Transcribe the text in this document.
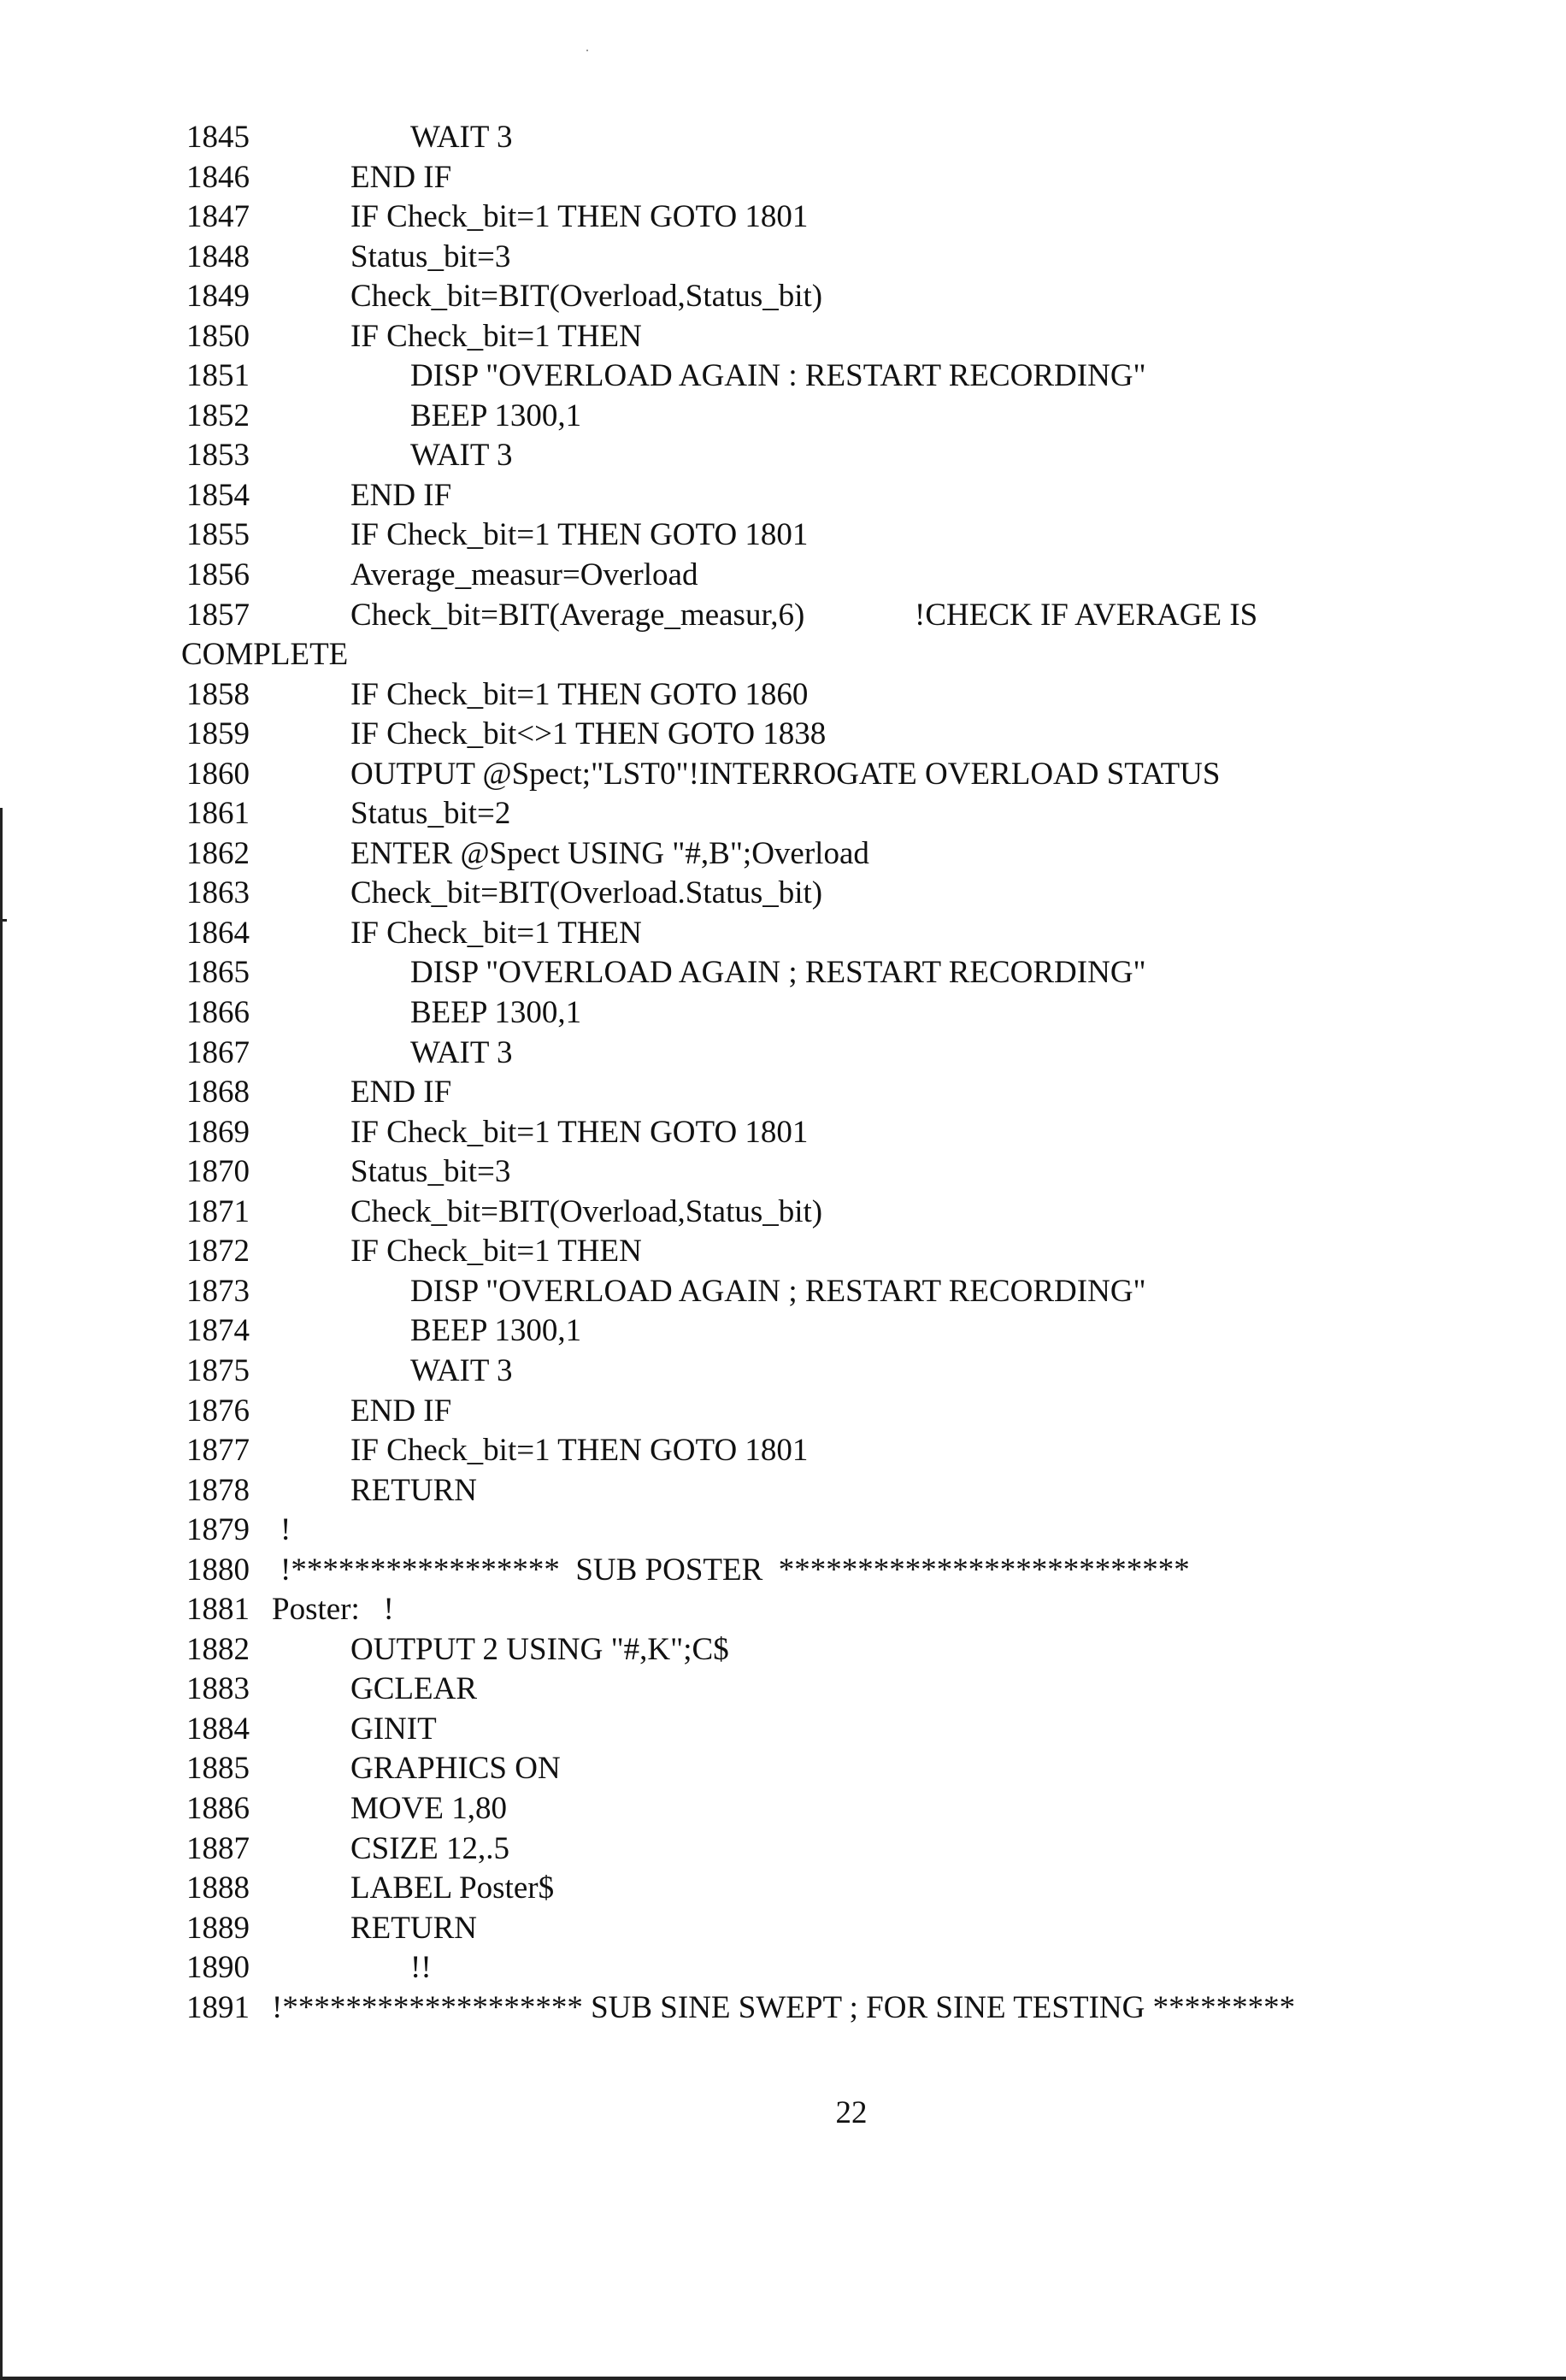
1845	WAIT 3
1846	END IF
1847	IF Check_bit=1 THEN GOTO 1801
1848	Status_bit=3
1849	Check_bit=BIT(Overload,Status_bit)
1850	IF Check_bit=1 THEN
1851	DISP "OVERLOAD AGAIN : RESTART RECORDING"
1852	BEEP 1300,1
1853	WAIT 3
1854	END IF
1855	IF Check_bit=1 THEN GOTO 1801
1856	Average_measur=Overload
1857	Check_bit=BIT(Average_measur,6)	!CHECK IF AVERAGE IS
COMPLETE
1858	IF Check_bit=1 THEN GOTO 1860
1859	IF Check_bit<>1 THEN GOTO 1838
1860	OUTPUT @Spect;"LST0"!INTERROGATE OVERLOAD STATUS
1861	Status_bit=2
1862	ENTER @Spect USING "#,B";Overload
1863	Check_bit=BIT(Overload.Status_bit)
1864	IF Check_bit=1 THEN
1865	DISP "OVERLOAD AGAIN ; RESTART RECORDING"
1866	BEEP 1300,1
1867	WAIT 3
1868	END IF
1869	IF Check_bit=1 THEN GOTO 1801
1870	Status_bit=3
1871	Check_bit=BIT(Overload,Status_bit)
1872	IF Check_bit=1 THEN
1873	DISP "OVERLOAD AGAIN ; RESTART RECORDING"
1874	BEEP 1300,1
1875	WAIT 3
1876	END IF
1877	IF Check_bit=1 THEN GOTO 1801
1878	RETURN
1879 !
1880 !*****************  SUB POSTER  **************************
1881 Poster:   !
1882	OUTPUT 2 USING "#,K";C$
1883	GCLEAR
1884	GINIT
1885	GRAPHICS ON
1886	MOVE 1,80
1887	CSIZE 12,.5
1888	LABEL Poster$
1889	RETURN
1890	!!
1891 !******************* SUB SINE SWEPT ; FOR SINE TESTING *********
22
